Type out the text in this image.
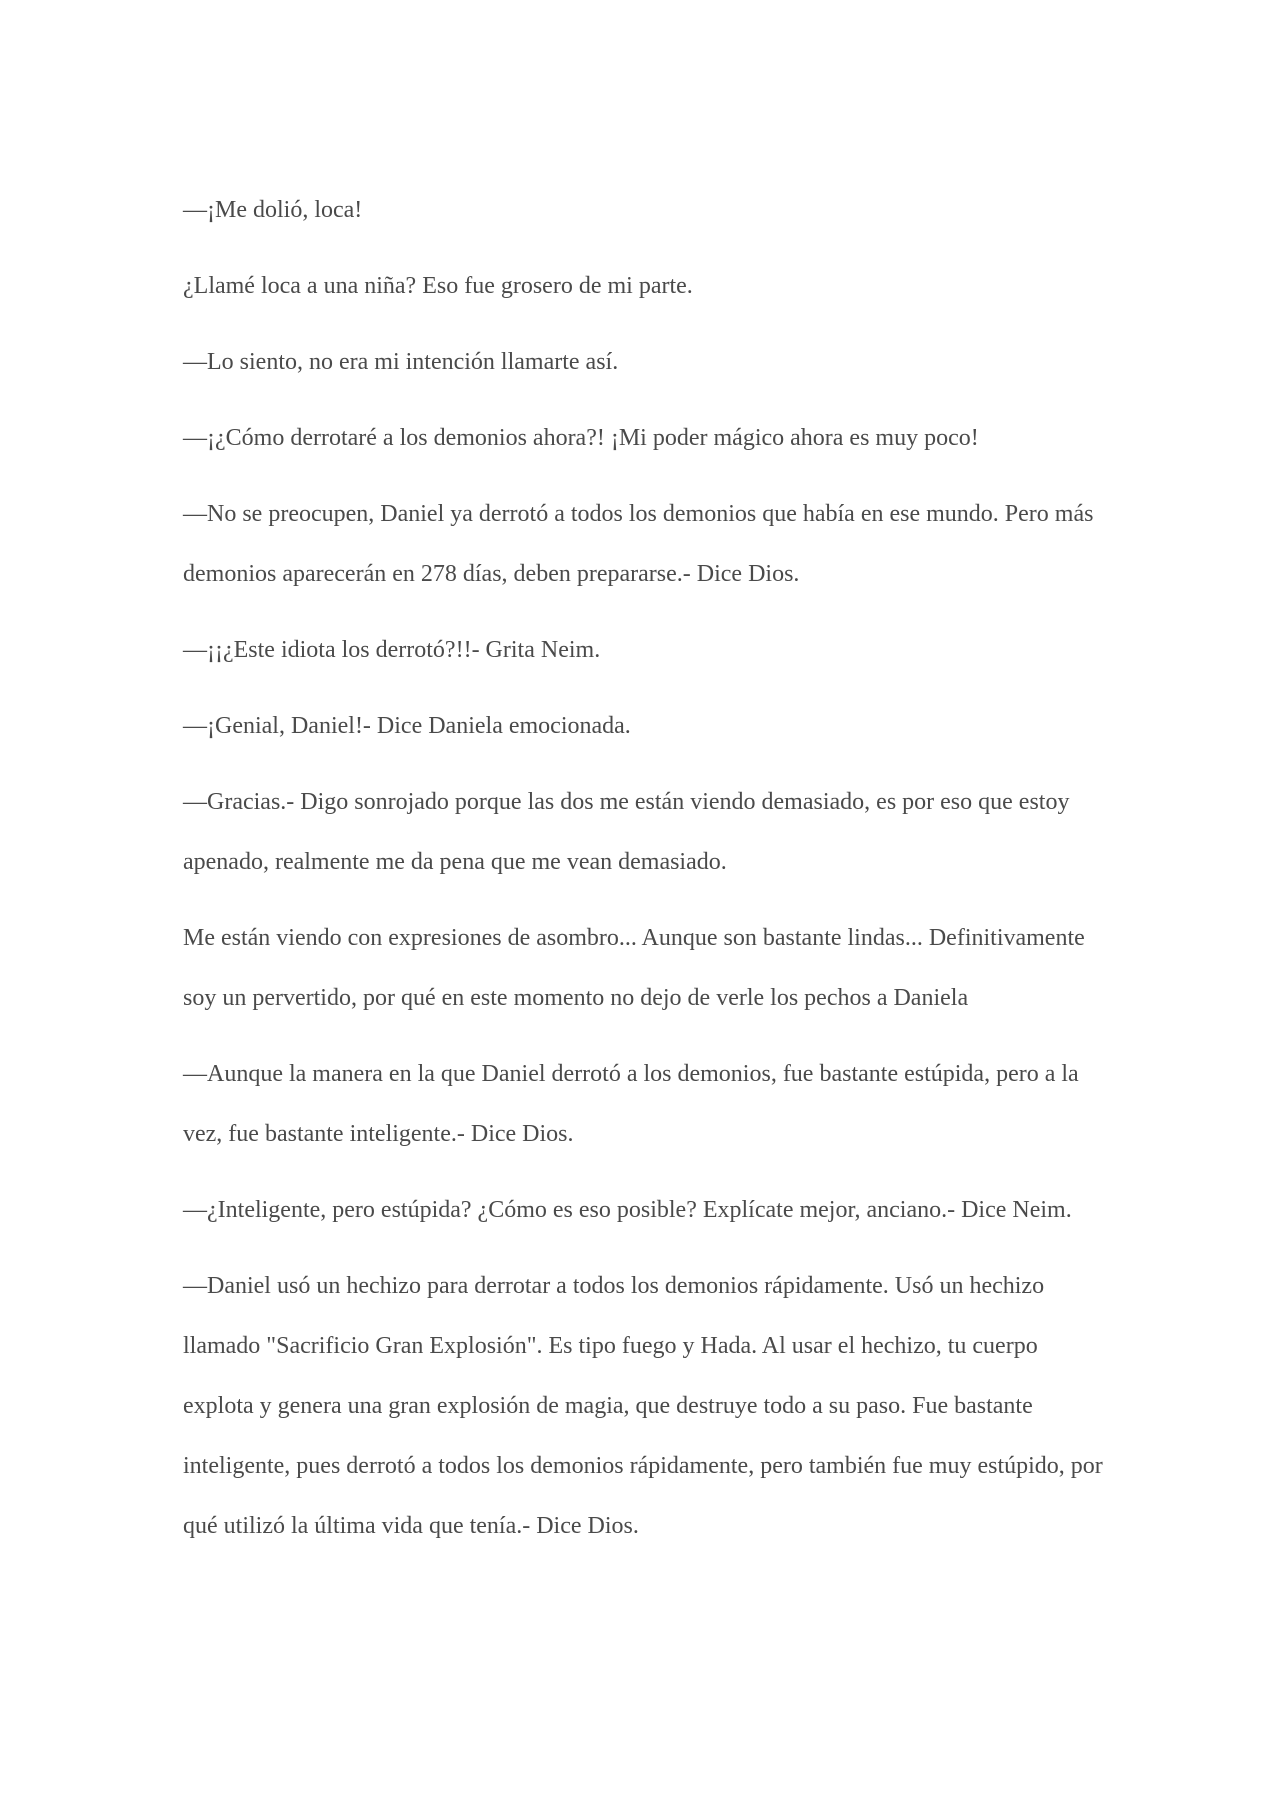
—¡Me dolió, loca!

¿Llamé loca a una niña? Eso fue grosero de mi parte.

—Lo siento, no era mi intención llamarte así.

—¡¿Cómo derrotaré a los demonios ahora?! ¡Mi poder mágico ahora es muy poco!

—No se preocupen, Daniel ya derrotó a todos los demonios que había en ese mundo. Pero más demonios aparecerán en 278 días, deben prepararse.- Dice Dios.

—¡¡¿Este idiota los derrotó?!!- Grita Neim.

—¡Genial, Daniel!- Dice Daniela emocionada.

—Gracias.- Digo sonrojado porque las dos me están viendo demasiado, es por eso que estoy apenado, realmente me da pena que me vean demasiado.

Me están viendo con expresiones de asombro... Aunque son bastante lindas... Definitivamente soy un pervertido, por qué en este momento no dejo de verle los pechos a Daniela

—Aunque la manera en la que Daniel derrotó a los demonios, fue bastante estúpida, pero a la vez, fue bastante inteligente.- Dice Dios.

—¿Inteligente, pero estúpida? ¿Cómo es eso posible? Explícate mejor, anciano.- Dice Neim.

—Daniel usó un hechizo para derrotar a todos los demonios rápidamente. Usó un hechizo llamado "Sacrificio Gran Explosión". Es tipo fuego y Hada. Al usar el hechizo, tu cuerpo explota y genera una gran explosión de magia, que destruye todo a su paso. Fue bastante inteligente, pues derrotó a todos los demonios rápidamente, pero también fue muy estúpido, por qué utilizó la última vida que tenía.- Dice Dios.
